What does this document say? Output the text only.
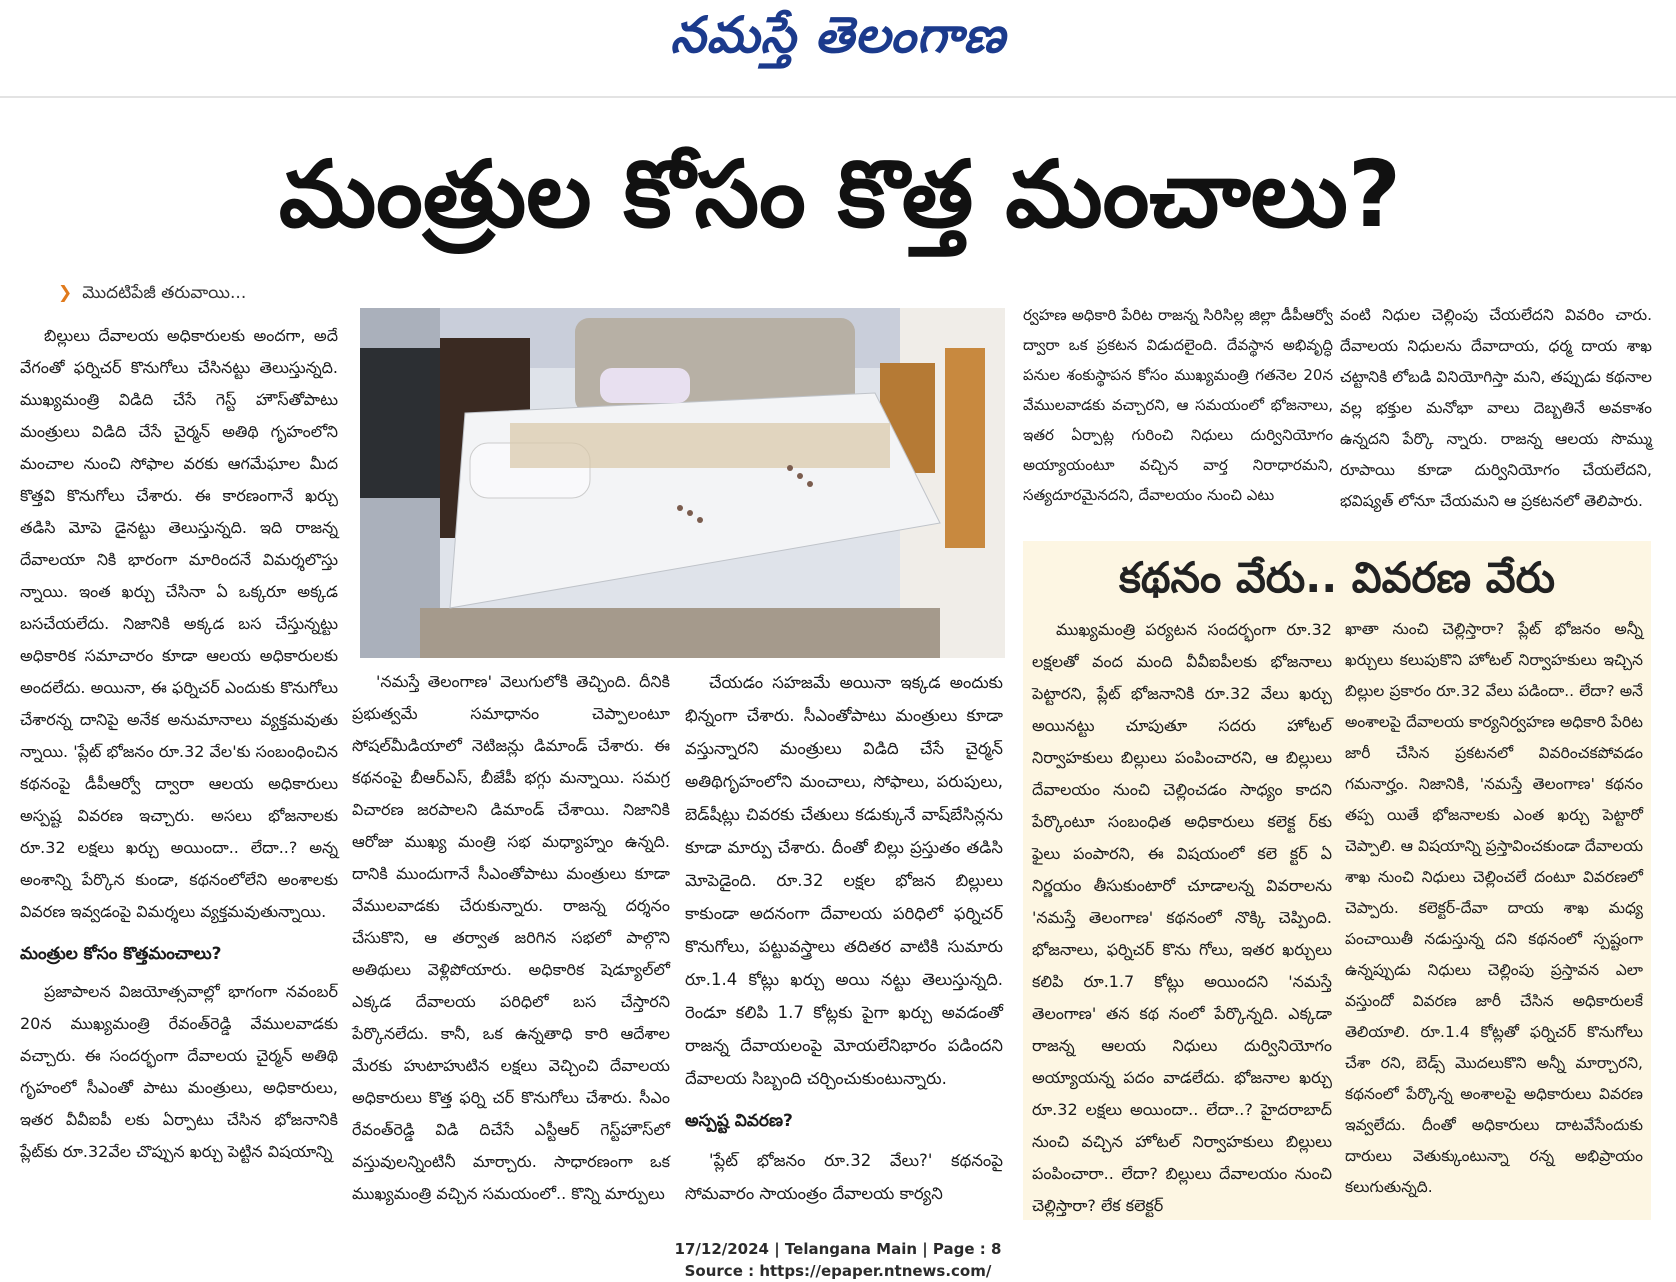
నమస్తే తెలంగాణ
మంత్రుల కోసం కొత్త మంచాలు?
❯ మొదటిపేజీ తరువాయి...

బిల్లులు దేవాలయ అధికారులకు అందగా, అదే వేగంతో ఫర్నిచర్ కొనుగోలు చేసినట్టు తెలుస్తున్నది. ముఖ్యమంత్రి విడిది చేసే గెస్ట్ హౌస్‌తోపాటు మంత్రులు విడిది చేసే చైర్మన్ అతిథి గృహంలోని మంచాల నుంచి సోఫాల వరకు ఆగమేఘాల మీద కొత్తవి కొనుగోలు చేశారు. ఈ కారణంగానే ఖర్చు తడిసి మోపె డైనట్టు తెలుస్తున్నది. ఇది రాజన్న దేవాలయా నికి భారంగా మారిందనే విమర్శలొస్తు న్నాయి. ఇంత ఖర్చు చేసినా ఏ ఒక్కరూ అక్కడ బసచేయలేదు. నిజానికి అక్కడ బస చేస్తున్నట్టు అధికారిక సమాచారం కూడా ఆలయ అధికారులకు అందలేదు. అయినా, ఈ ఫర్నిచర్ ఎందుకు కొనుగోలు చేశారన్న దానిపై అనేక అనుమానాలు వ్యక్తమవుతు న్నాయి. 'ప్లేట్ భోజనం రూ.32 వేల'కు సంబంధించిన కథనంపై డీపీఆర్వో ద్వారా ఆలయ అధికారులు అస్పష్ట వివరణ ఇచ్చారు. అసలు భోజనాలకు రూ.32 లక్షలు ఖర్చు అయిందా.. లేదా..? అన్న అంశాన్ని పేర్కొన కుండా, కథనంలోలేని అంశాలకు వివరణ ఇవ్వడంపై విమర్శలు వ్యక్తమవుతున్నాయి.

మంత్రుల కోసం కొత్తమంచాలు?

ప్రజాపాలన విజయోత్సవాల్లో భాగంగా నవంబర్ 20న ముఖ్యమంత్రి రేవంత్‌రెడ్డి వేములవాడకు వచ్చారు. ఈ సందర్భంగా దేవాలయ చైర్మన్ అతిథి గృహంలో సీఎంతో పాటు మంత్రులు, అధికారులు, ఇతర వీవీఐపీ లకు ఏర్పాటు చేసిన భోజనానికి ప్లేట్‌కు రూ.32వేల చొప్పున ఖర్చు పెట్టిన విషయాన్ని

'నమస్తే తెలంగాణ' వెలుగులోకి తెచ్చింది. దీనికి ప్రభుత్వమే సమాధానం చెప్పాలంటూ సోషల్‌మీడియాలో నెటిజన్లు డిమాండ్ చేశారు. ఈ కథనంపై బీఆర్‌ఎస్, బీజేపీ భగ్గు మన్నాయి. సమగ్ర విచారణ జరపాలని డిమాండ్ చేశాయి. నిజానికి ఆరోజు ముఖ్య మంత్రి సభ మధ్యాహ్నం ఉన్నది. దానికి ముందుగానే సీఎంతోపాటు మంత్రులు కూడా వేములవాడకు చేరుకున్నారు. రాజన్న దర్శనం చేసుకొని, ఆ తర్వాత జరిగిన సభలో పాల్గొని అతిథులు వెళ్లిపోయారు. అధికారిక షెడ్యూల్‌లో ఎక్కడ దేవాలయ పరిధిలో బస చేస్తారని పేర్కొనలేదు. కానీ, ఒక ఉన్నతాధి కారి ఆదేశాల మేరకు హుటాహుటిన లక్షలు వెచ్చించి దేవాలయ అధికారులు కొత్త ఫర్ని చర్ కొనుగోలు చేశారు. సీఎం రేవంత్‌రెడ్డి విడి దిచేసే ఎస్టీఆర్ గెస్ట్‌హౌస్‌లో వస్తువులన్నింటినీ మార్చారు. సాధారణంగా ఒక ముఖ్యమంత్రి వచ్చిన సమయంలో.. కొన్ని మార్పులు

చేయడం సహజమే అయినా ఇక్కడ అందుకు భిన్నంగా చేశారు. సీఎంతోపాటు మంత్రులు కూడా వస్తున్నారని మంత్రులు విడిది చేసే చైర్మన్ అతిథిగృహంలోని మంచాలు, సోఫాలు, పరుపులు, బెడ్‌షీట్లు చివరకు చేతులు కడుక్కునే వాష్‌బేసిన్లను కూడా మార్పు చేశారు. దీంతో బిల్లు ప్రస్తుతం తడిసి మోపెడైంది. రూ.32 లక్షల భోజన బిల్లులు కాకుండా అదనంగా దేవాలయ పరిధిలో ఫర్నిచర్ కొనుగోలు, పట్టువస్త్రాలు తదితర వాటికి సుమారు రూ.1.4 కోట్లు ఖర్చు అయి నట్టు తెలుస్తున్నది. రెండూ కలిపి 1.7 కోట్లకు పైగా ఖర్చు అవడంతో రాజన్న దేవాయలంపై మోయలేనిభారం పడిందని దేవాలయ సిబ్బంది చర్చించుకుంటున్నారు.

అస్పష్ట వివరణ?

'ప్లేట్ భోజనం రూ.32 వేలు?' కథనంపై సోమవారం సాయంత్రం దేవాలయ కార్యని

ర్వహణ అధికారి పేరిట రాజన్న సిరిసిల్ల జిల్లా డీపీఆర్వో ద్వారా ఒక ప్రకటన విడుదలైంది. దేవస్థాన అభివృద్ధి పనుల శంకుస్థాపన కోసం ముఖ్యమంత్రి గతనెల 20న వేములవాడకు వచ్చారని, ఆ సమయంలో భోజనాలు, ఇతర ఏర్పాట్ల గురించి నిధులు దుర్వినియోగం అయ్యాయంటూ వచ్చిన వార్త నిరాధారమని, సత్యదూరమైనదని, దేవాలయం నుంచి ఎటు

వంటి నిధుల చెల్లింపు చేయలేదని వివరిం చారు. దేవాలయ నిధులను దేవాదాయ, ధర్మ దాయ శాఖ చట్టానికి లోబడి వినియోగిస్తా మని, తప్పుడు కథనాల వల్ల భక్తుల మనోభా వాలు దెబ్బతినే అవకాశం ఉన్నదని పేర్కొ న్నారు. రాజన్న ఆలయ సొమ్ము రూపాయి కూడా దుర్వినియోగం చేయలేదని, భవిష్యత్ లోనూ చేయమని ఆ ప్రకటనలో తెలిపారు.

కథనం వేరు.. వివరణ వేరు

ముఖ్యమంత్రి పర్యటన సందర్భంగా రూ.32 లక్షలతో వంద మంది వీవీఐపీలకు భోజనాలు పెట్టారని, ప్లేట్ భోజనానికి రూ.32 వేలు ఖర్చు అయినట్టు చూపుతూ సదరు హోటల్ నిర్వాహకులు బిల్లులు పంపించారని, ఆ బిల్లులు దేవాలయం నుంచి చెల్లించడం సాధ్యం కాదని పేర్కొంటూ సంబంధిత అధికారులు కలెక్ట ర్‌కు ఫైలు పంపారని, ఈ విషయంలో కలె క్టర్ ఏ నిర్ణయం తీసుకుంటారో చూడాలన్న వివరాలను 'నమస్తే తెలంగాణ' కథనంలో నొక్కి చెప్పింది. భోజనాలు, ఫర్నిచర్ కొను గోలు, ఇతర ఖర్చులు కలిపి రూ.1.7 కోట్లు అయిందని 'నమస్తే తెలంగాణ' తన కథ నంలో పేర్కొన్నది. ఎక్కడా రాజన్న ఆలయ నిధులు దుర్వినియోగం అయ్యాయన్న పదం వాడలేదు. భోజనాల ఖర్చు రూ.32 లక్షలు అయిందా.. లేదా..? హైదరాబాద్ నుంచి వచ్చిన హోటల్ నిర్వాహకులు బిల్లులు పంపించారా.. లేదా? బిల్లులు దేవాలయం నుంచి చెల్లిస్తారా? లేక కలెక్టర్

ఖాతా నుంచి చెల్లిస్తారా? ప్లేట్ భోజనం అన్నీ ఖర్చులు కలుపుకొని హోటల్ నిర్వాహకులు ఇచ్చిన బిల్లుల ప్రకారం రూ.32 వేలు పడిందా.. లేదా? అనే అంశాలపై దేవాలయ కార్యనిర్వహణ అధికారి పేరిట జారీ చేసిన ప్రకటనలో వివరించకపోవడం గమనార్హం. నిజానికి, 'నమస్తే తెలంగాణ' కథనం తప్ప యితే భోజనాలకు ఎంత ఖర్చు పెట్టారో చెప్పాలి. ఆ విషయాన్ని ప్రస్తావించకుండా దేవాలయ శాఖ నుంచి నిధులు చెల్లించలే దంటూ వివరణలో చెప్పారు. కలెక్టర్-దేవా దాయ శాఖ మధ్య పంచాయితీ నడుస్తున్న దని కథనంలో స్పష్టంగా ఉన్నప్పుడు నిధులు చెల్లింపు ప్రస్తావన ఎలా వస్తుందో వివరణ జారీ చేసిన అధికారులకే తెలియాలి. రూ.1.4 కోట్లతో ఫర్నిచర్ కొనుగోలు చేశా రని, బెడ్స్ మొదలుకొని అన్నీ మార్చారని, కథనంలో పేర్కొన్న అంశాలపై అధికారులు వివరణ ఇవ్వలేదు. దీంతో అధికారులు దాటవేసేందుకు దారులు వెతుక్కుంటున్నా రన్న అభిప్రాయం కలుగుతున్నది.

17/12/2024 | Telangana Main | Page : 8
Source : https://epaper.ntnews.com/
